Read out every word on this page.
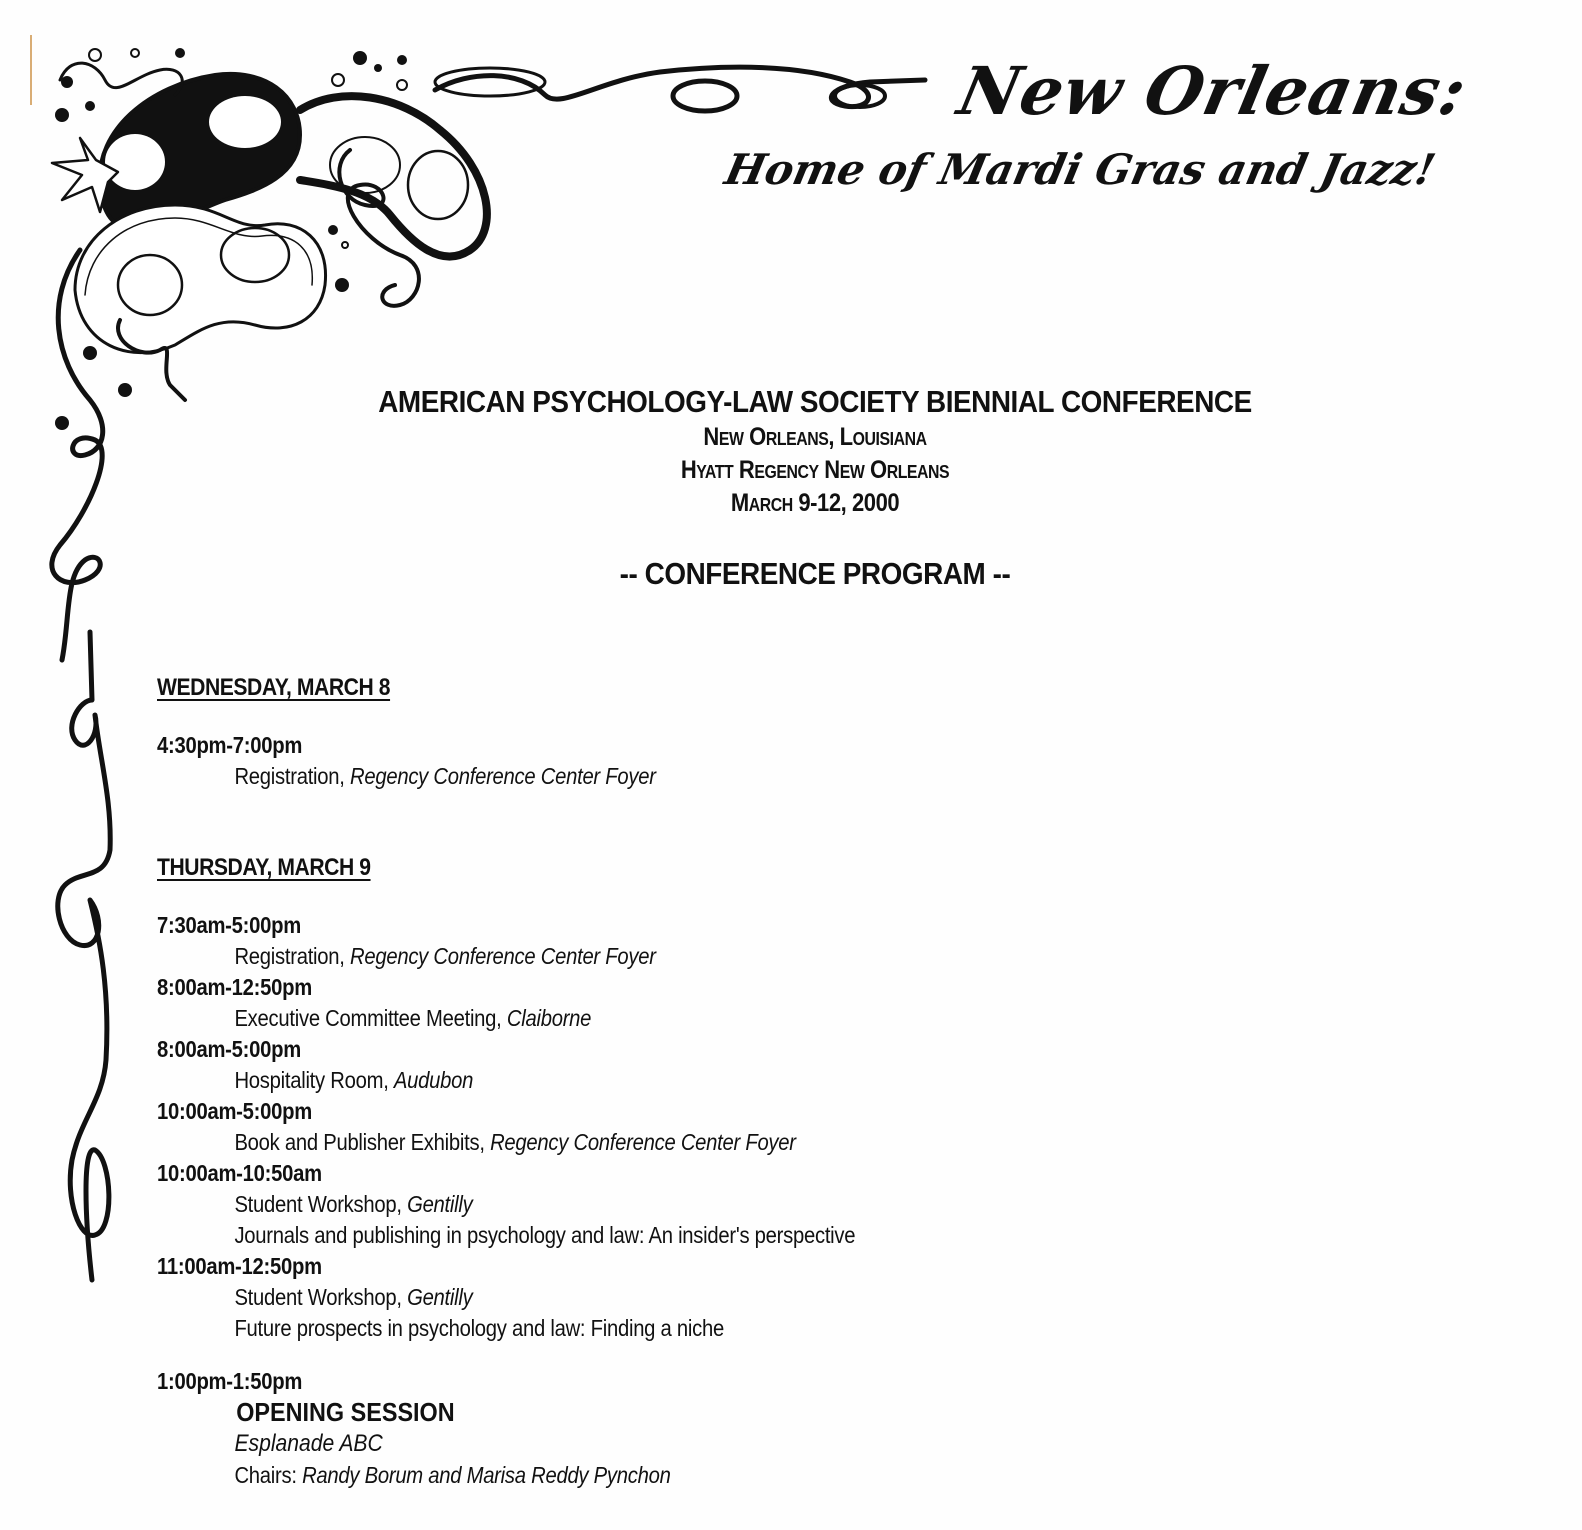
New Orleans:
Home of Mardi Gras and Jazz!
AMERICAN PSYCHOLOGY-LAW SOCIETY BIENNIAL CONFERENCE
New Orleans, Louisiana
Hyatt Regency New Orleans
March 9-12, 2000
-- CONFERENCE PROGRAM --
WEDNESDAY, MARCH 8
4:30pm-7:00pm
Registration, Regency Conference Center Foyer
THURSDAY, MARCH 9
7:30am-5:00pm
Registration, Regency Conference Center Foyer
8:00am-12:50pm
Executive Committee Meeting, Claiborne
8:00am-5:00pm
Hospitality Room, Audubon
10:00am-5:00pm
Book and Publisher Exhibits, Regency Conference Center Foyer
10:00am-10:50am
Student Workshop, Gentilly
Journals and publishing in psychology and law: An insider's perspective
11:00am-12:50pm
Student Workshop, Gentilly
Future prospects in psychology and law: Finding a niche
1:00pm-1:50pm
OPENING SESSION
Esplanade ABC
Chairs: Randy Borum and Marisa Reddy Pynchon
